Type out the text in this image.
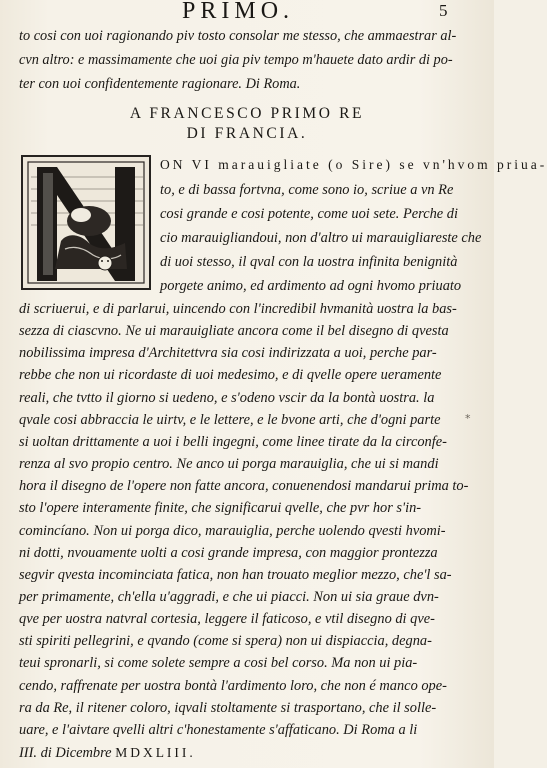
PRIMO.	5
to cosi con uoi ragionando piv tosto consolar me stesso, che ammaestrar al-
cvn altro: e massimamente che uoi gia piv tempo m'hauete dato ardir di po-
ter con uoi confidentemente ragionare. Di Roma.
A FRANCESCO PRIMO RE
DI FRANCIA.
ON VI marauigliate (o Sire) se vn'hvom priua-
to, e di bassa fortvna, come sono io, scriue a vn Re
cosi grande e cosi potente, come uoi sete. Perche di
cio marauigliandoui, non d'altro ui marauigliareste che
di uoi stesso, il qval con la uostra infinita benignità
porgete animo, ed ardimento ad ogni hvomo priuato
di scriuerui, e di parlarui, uincendo con l'incredibil hvmanità uostra la bas-
sezza di ciascvno. Ne ui marauigliate ancora come il bel disegno di qvesta
nobilissima impresa d'Architettvra sia cosi indirizzata a uoi, perche par-
rebbe che non ui ricordaste di uoi medesimo, e di qvelle opere ueramente
reali, che tvtto il giorno si uedeno, e s'odeno vscir da la bontà uostra. la
qvale cosi abbraccia le uirtv, e le lettere, e le bvone arti, che d'ogni parte
si uoltan drittamente a uoi i belli ingegni, come linee tirate da la circonfe-
renza al svo propio centro. Ne anco ui porga marauiglia, che ui si mandi
hora il disegno de l'opere non fatte ancora, conuenendosi mandarui prima to-
sto l'opere interamente finite, che significarui qvelle, che pvr hor s'in-
comincíano. Non ui porga dico, marauiglia, perche uolendo qvesti hvomi-
ni dotti, nvouamente uolti a cosi grande impresa, con maggior prontezza
segvir qvesta incominciata fatica, non han trouato meglior mezzo, che'l sa-
per primamente, ch'ella u'aggradi, e che ui piacci. Non ui sia graue dvn-
qve per uostra natvral cortesia, leggere il faticoso, e vtil disegno di qve-
sti spiriti pellegrini, e qvando (come si spera) non ui dispiaccia, degna-
teui spronarli, si come solete sempre a cosi bel corso. Ma non ui pia-
cendo, raffrenate per uostra bontà l'ardimento loro, che non é manco ope-
ra da Re, il ritener coloro, iqvali stoltamente si trasportano, che il solle-
uare, e l'aivtare qvelli altri c'honestamente s'affaticano. Di Roma a li
III. di Dicembre MDXLIII.
*
